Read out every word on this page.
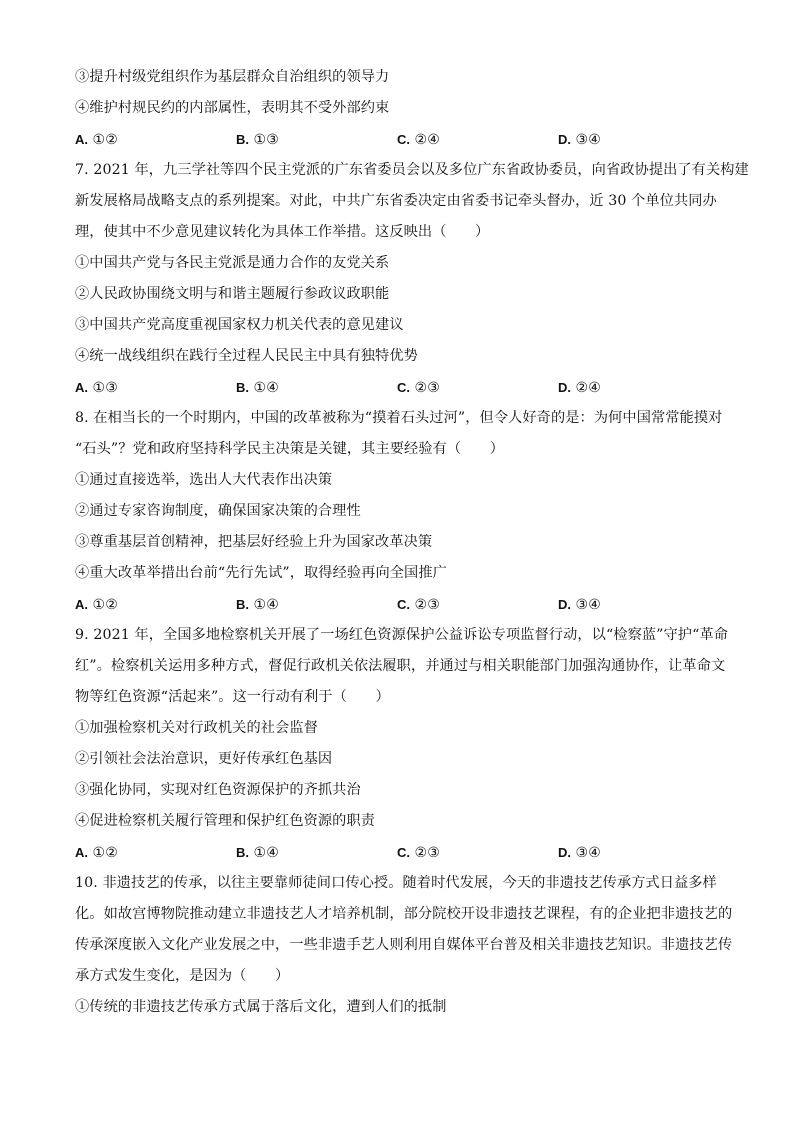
③提升村级党组织作为基层群众自治组织的领导力
④维护村规民约的内部属性，表明其不受外部约束
A. ①②	B. ①③	C. ②④	D. ③④
7. 2021 年，九三学社等四个民主党派的广东省委员会以及多位广东省政协委员，向省政协提出了有关构建
新发展格局战略支点的系列提案。对此，中共广东省委决定由省委书记牵头督办，近 30 个单位共同办
理，使其中不少意见建议转化为具体工作举措。这反映出（　　）
①中国共产党与各民主党派是通力合作的友党关系
②人民政协围绕文明与和谐主题履行参政议政职能
③中国共产党高度重视国家权力机关代表的意见建议
④统一战线组织在践行全过程人民民主中具有独特优势
A. ①③	B. ①④	C. ②③	D. ②④
8. 在相当长的一个时期内，中国的改革被称为“摸着石头过河”，但令人好奇的是：为何中国常常能摸对
“石头”？党和政府坚持科学民主决策是关键，其主要经验有（　　）
①通过直接选举，选出人大代表作出决策
②通过专家咨询制度，确保国家决策的合理性
③尊重基层首创精神，把基层好经验上升为国家改革决策
④重大改革举措出台前“先行先试”，取得经验再向全国推广
A. ①②	B. ①④	C. ②③	D. ③④
9. 2021 年，全国多地检察机关开展了一场红色资源保护公益诉讼专项监督行动，以“检察蓝”守护“革命
红”。检察机关运用多种方式，督促行政机关依法履职，并通过与相关职能部门加强沟通协作，让革命文
物等红色资源“活起来”。这一行动有利于（　　）
①加强检察机关对行政机关的社会监督
②引领社会法治意识，更好传承红色基因
③强化协同，实现对红色资源保护的齐抓共治
④促进检察机关履行管理和保护红色资源的职责
A. ①②	B. ①④	C. ②③	D. ③④
10. 非遗技艺的传承，以往主要靠师徒间口传心授。随着时代发展，今天的非遗技艺传承方式日益多样
化。如故宫博物院推动建立非遗技艺人才培养机制，部分院校开设非遗技艺课程，有的企业把非遗技艺的
传承深度嵌入文化产业发展之中，一些非遗手艺人则利用自媒体平台普及相关非遗技艺知识。非遗技艺传
承方式发生变化，是因为（　　）
①传统的非遗技艺传承方式属于落后文化，遭到人们的抵制
